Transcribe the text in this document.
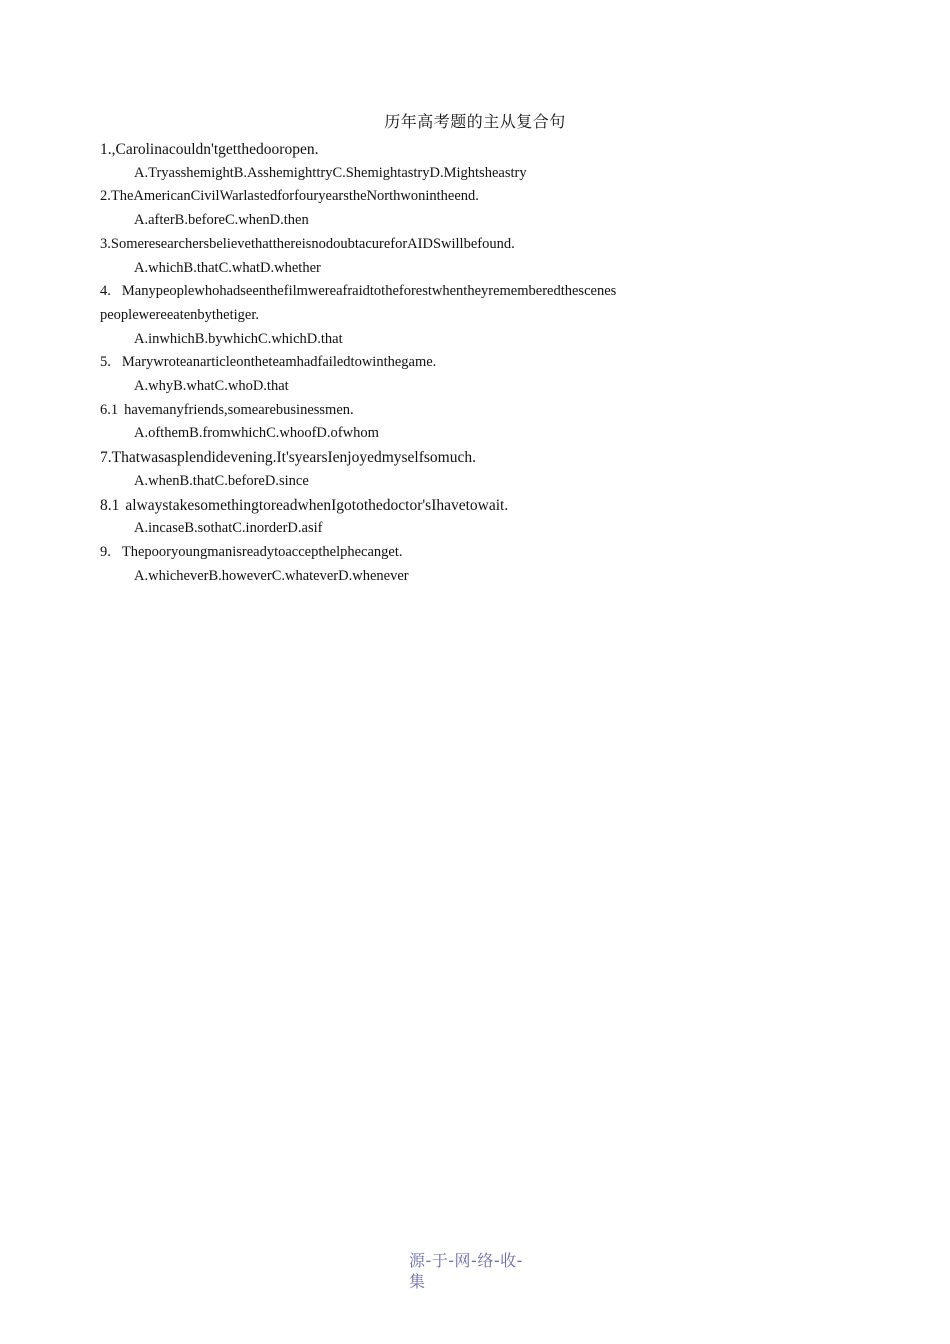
历年高考题的主从复合句
1.,Carolinacouldn'tgetthedooropen.
A.TryasshemightB.AsshemighttryC.ShemightastryD.Mightsheastry
2.TheAmericanCivilWarlastedforfouryearstheNorthwonintheend.
A.afterB.beforeC.whenD.then
3.SomeresearchersbelievethatthereisnodoubtacureforAIDSwillbefound.
A.whichB.thatC.whatD.whether
4. Manypeoplewhohadseenthefilmwereafraidtotheforestwhentheyrememberedthescenes
peoplewereeatenbythetiger.
A.inwhichB.bywhichC.whichD.that
5. Marywroteanarticleontheteamhadfailedtowinthegame.
A.whyB.whatC.whoD.that
6.1 havemanyfriends,somearebusinessmen.
A.ofthemB.fromwhichC.whoofD.ofwhom
7.Thatwasasplendidevening.It'syearsIenjoyedmyselfsomuch.
A.whenB.thatC.beforeD.since
8.1 alwaystakesomethingtoreadwhenIgotothedoctor'sIhavetowait.
A.incaseB.sothatC.inorderD.asif
9. Thepooryoungmanisreadytoaccepthelphecanget.
A.whicheverB.howeverC.whateverD.whenever
源-于-网-络-收-
集
